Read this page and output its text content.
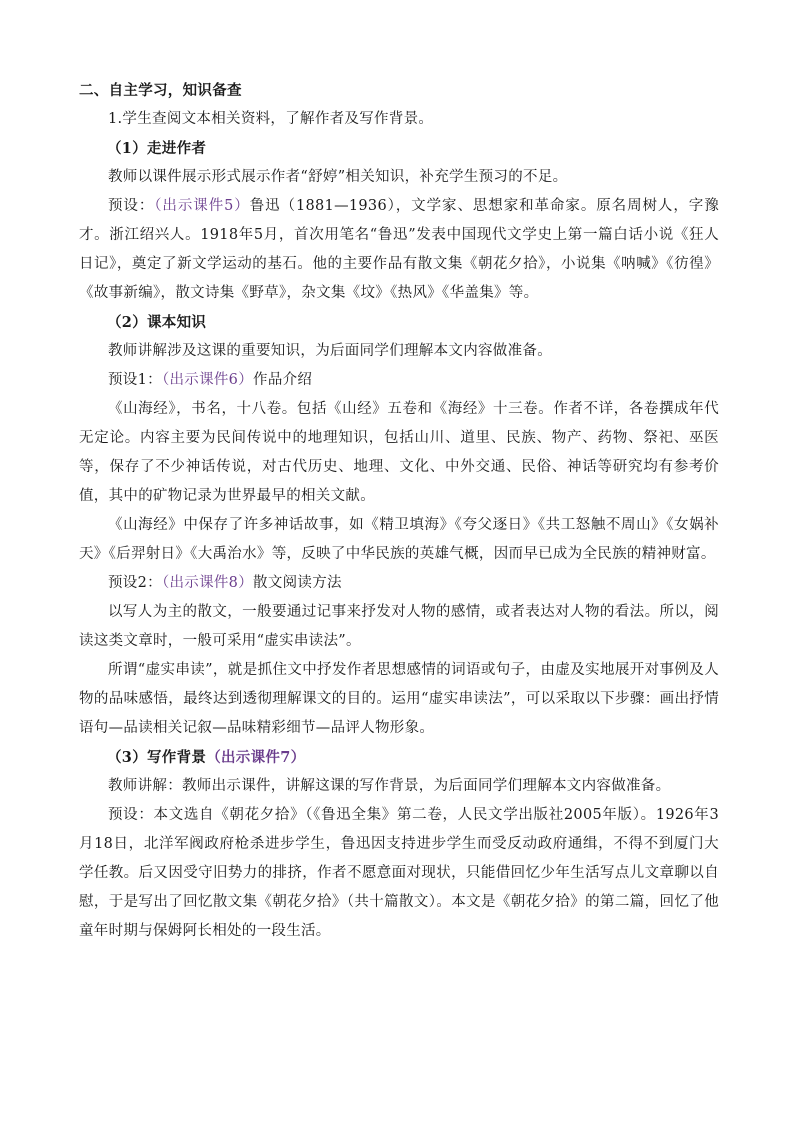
二、自主学习，知识备查

1.学生查阅文本相关资料，了解作者及写作背景。

（1）走进作者

教师以课件展示形式展示作者“舒婷”相关知识，补充学生预习的不足。

预设：（出示课件5）鲁迅（1881—1936），文学家、思想家和革命家。原名周树人，字豫才。浙江绍兴人。1918年5月，首次用笔名“鲁迅”发表中国现代文学史上第一篇白话小说《狂人日记》，奠定了新文学运动的基石。他的主要作品有散文集《朝花夕拾》，小说集《呐喊》《彷徨》《故事新编》，散文诗集《野草》，杂文集《坟》《热风》《华盖集》等。

（2）课本知识

教师讲解涉及这课的重要知识，为后面同学们理解本文内容做准备。

预设1：（出示课件6）作品介绍

《山海经》，书名，十八卷。包括《山经》五卷和《海经》十三卷。作者不详，各卷撰成年代无定论。内容主要为民间传说中的地理知识，包括山川、道里、民族、物产、药物、祭祀、巫医等，保存了不少神话传说，对古代历史、地理、文化、中外交通、民俗、神话等研究均有参考价值，其中的矿物记录为世界最早的相关文献。

《山海经》中保存了许多神话故事，如《精卫填海》《夸父逐日》《共工怒触不周山》《女娲补天》《后羿射日》《大禹治水》等，反映了中华民族的英雄气概，因而早已成为全民族的精神财富。

预设2：（出示课件8）散文阅读方法

以写人为主的散文，一般要通过记事来抒发对人物的感情，或者表达对人物的看法。所以，阅读这类文章时，一般可采用“虚实串读法”。

所谓“虚实串读”，就是抓住文中抒发作者思想感情的词语或句子，由虚及实地展开对事例及人物的品味感悟，最终达到透彻理解课文的目的。运用“虚实串读法”，可以采取以下步骤：画出抒情语句—品读相关记叙—品味精彩细节—品评人物形象。

（3）写作背景（出示课件7）

教师讲解：教师出示课件，讲解这课的写作背景，为后面同学们理解本文内容做准备。

预设：本文选自《朝花夕拾》（《鲁迅全集》第二卷，人民文学出版社2005年版）。1926年3月18日，北洋军阀政府枪杀进步学生，鲁迅因支持进步学生而受反动政府通缉，不得不到厦门大学任教。后又因受守旧势力的排挤，作者不愿意面对现状，只能借回忆少年生活写点儿文章聊以自慰，于是写出了回忆散文集《朝花夕拾》（共十篇散文）。本文是《朝花夕拾》的第二篇，回忆了他童年时期与保姆阿长相处的一段生活。
